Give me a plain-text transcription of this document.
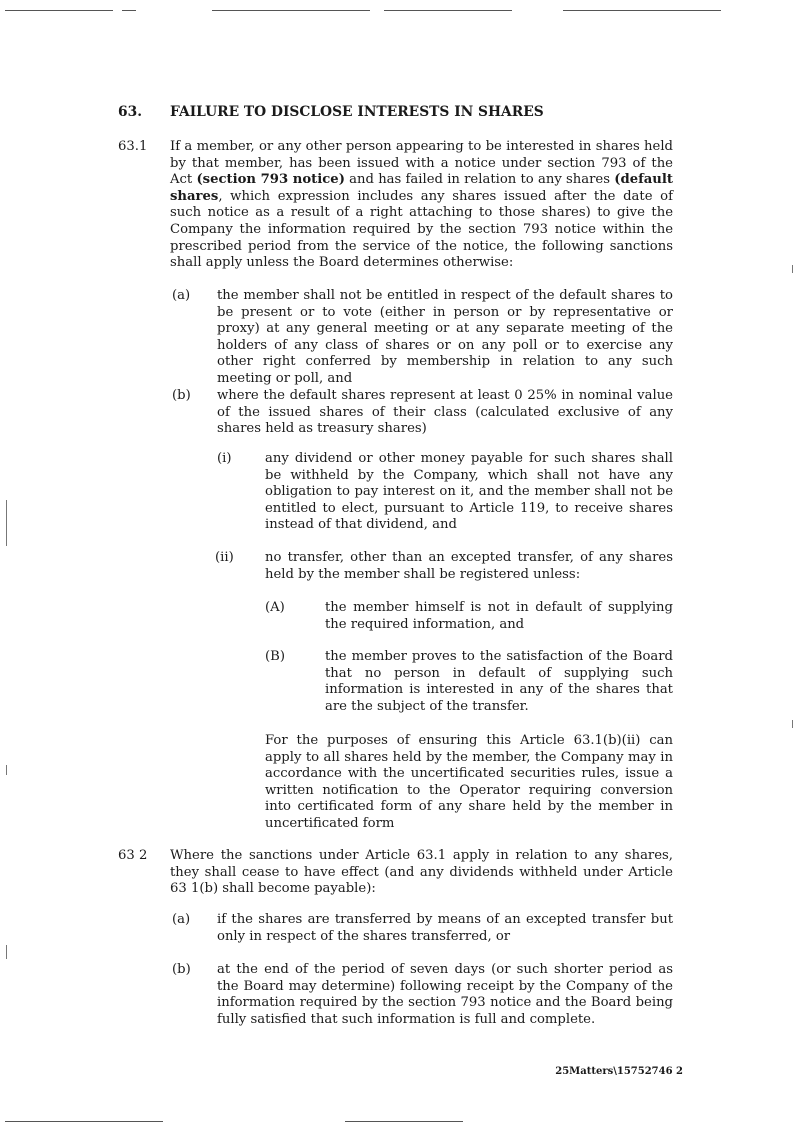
63. FAILURE TO DISCLOSE INTERESTS IN SHARES
63.1 If a member, or any other person appearing to be interested in shares held by that member, has been issued with a notice under section 793 of the Act (section 793 notice) and has failed in relation to any shares (default shares, which expression includes any shares issued after the date of such notice as a result of a right attaching to those shares) to give the Company the information required by the section 793 notice within the prescribed period from the service of the notice, the following sanctions shall apply unless the Board determines otherwise:
(a) the member shall not be entitled in respect of the default shares to be present or to vote (either in person or by representative or proxy) at any general meeting or at any separate meeting of the holders of any class of shares or on any poll or to exercise any other right conferred by membership in relation to any such meeting or poll, and
(b) where the default shares represent at least 0 25% in nominal value of the issued shares of their class (calculated exclusive of any shares held as treasury shares)
(i)	any dividend or other money payable for such shares shall be withheld by the Company, which shall not have any obligation to pay interest on it, and the member shall not be entitled to elect, pursuant to Article 119, to receive shares instead of that dividend, and
(ii) no transfer, other than an excepted transfer, of any shares held by the member shall be registered unless:
(A)	the member himself is not in default of supplying the required information, and
(B)	the member proves to the satisfaction of the Board that no person in default of supplying such information is interested in any of the shares that are the subject of the transfer.
For the purposes of ensuring this Article 63.1(b)(ii) can apply to all shares held by the member, the Company may in accordance with the uncertificated securities rules, issue a written notification to the Operator requiring conversion into certificated form of any share held by the member in uncertificated form
63 2 Where the sanctions under Article 63.1 apply in relation to any shares, they shall cease to have effect (and any dividends withheld under Article 63 1(b) shall become payable):
(a) if the shares are transferred by means of an excepted transfer but only in respect of the shares transferred, or
(b) at the end of the period of seven days (or such shorter period as the Board may determine) following receipt by the Company of the information required by the section 793 notice and the Board being fully satisfied that such information is full and complete.
25Matters\15752746 2
